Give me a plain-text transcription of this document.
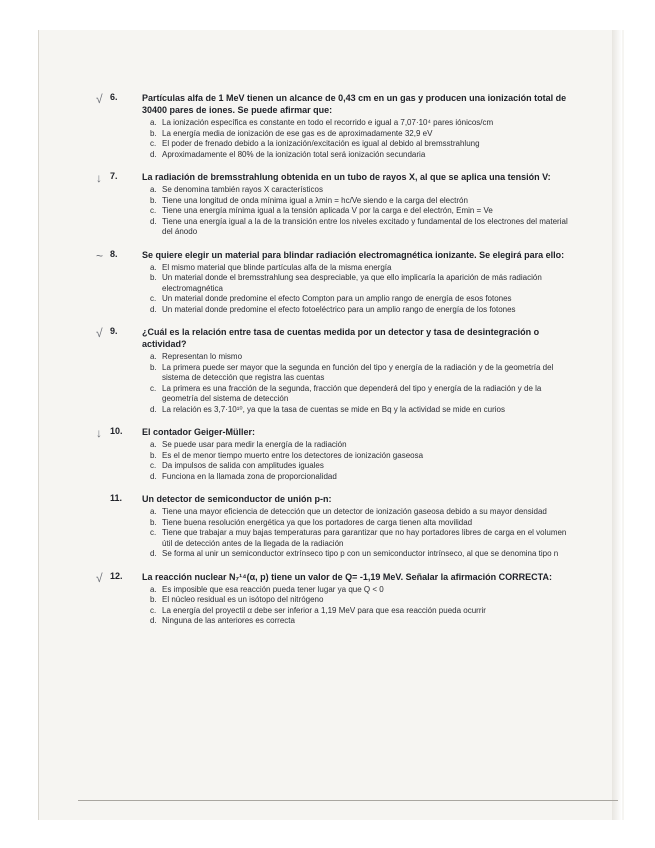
√ 6.	Partículas alfa de 1 MeV tienen un alcance de 0,43 cm en un gas y producen una ionización total de 30400 pares de iones. Se puede afirmar que:
a. La ionización específica es constante en todo el recorrido e igual a 7,07·10⁴ pares iónicos/cm
b. La energía media de ionización de ese gas es de aproximadamente 32,9 eV
c. El poder de frenado debido a la ionización/excitación es igual al debido al bremsstrahlung
d. Aproximadamente el 80% de la ionización total será ionización secundaria
↓ 7.	La radiación de bremsstrahlung obtenida en un tubo de rayos X, al que se aplica una tensión V:
a. Se denomina también rayos X característicos
b. Tiene una longitud de onda mínima igual a λmin = hc/Ve siendo e la carga del electrón
c. Tiene una energía mínima igual a la tensión aplicada V por la carga e del electrón, Emin = Ve
d. Tiene una energía igual a la de la transición entre los niveles excitado y fundamental de los electrones del material del ánodo
~ 8.	Se quiere elegir un material para blindar radiación electromagnética ionizante. Se elegirá para ello:
a. El mismo material que blinde partículas alfa de la misma energía
b. Un material donde el bremsstrahlung sea despreciable, ya que ello implicaría la aparición de más radiación electromagnética
c. Un material donde predomine el efecto Compton para un amplio rango de energía de esos fotones
d. Un material donde predomine el efecto fotoeléctrico para un amplio rango de energía de los fotones
√ 9.	¿Cuál es la relación entre tasa de cuentas medida por un detector y tasa de desintegración o actividad?
a. Representan lo mismo
b. La primera puede ser mayor que la segunda en función del tipo y energía de la radiación y de la geometría del sistema de detección que registra las cuentas
c. La primera es una fracción de la segunda, fracción que dependerá del tipo y energía de la radiación y de la geometría del sistema de detección
d. La relación es 3,7·10¹⁰, ya que la tasa de cuentas se mide en Bq y la actividad se mide en curios
↓ 10. El contador Geiger-Müller:
a. Se puede usar para medir la energía de la radiación
b. Es el de menor tiempo muerto entre los detectores de ionización gaseosa
c. Da impulsos de salida con amplitudes iguales
d. Funciona en la llamada zona de proporcionalidad
11. Un detector de semiconductor de unión p-n:
a. Tiene una mayor eficiencia de detección que un detector de ionización gaseosa debido a su mayor densidad
b. Tiene buena resolución energética ya que los portadores de carga tienen alta movilidad
c. Tiene que trabajar a muy bajas temperaturas para garantizar que no hay portadores libres de carga en el volumen útil de detección antes de la llegada de la radiación
d. Se forma al unir un semiconductor extrínseco tipo p con un semiconductor intrínseco, al que se denomina tipo n
√ 12. La reacción nuclear N₇¹⁴(α, p) tiene un valor de Q= -1,19 MeV. Señalar la afirmación CORRECTA:
a. Es imposible que esa reacción pueda tener lugar ya que Q < 0
b. El núcleo residual es un isótopo del nitrógeno
c. La energía del proyectil α debe ser inferior a 1,19 MeV para que esa reacción pueda ocurrir
d. Ninguna de las anteriores es correcta
